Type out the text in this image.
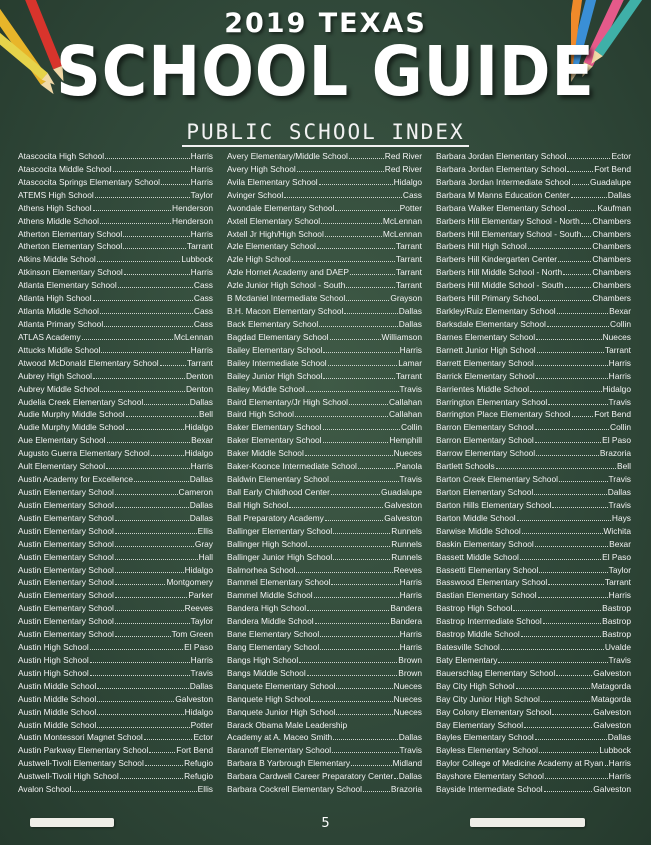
2019 TEXAS
SCHOOL GUIDE
PUBLIC SCHOOL INDEX
Atascocita High School	Harris
Atascocita Middle School	Harris
Atascocita Springs Elementary School	Harris
ATEMS High School	Taylor
Athens High School	Henderson
Athens Middle School	Henderson
Atherton Elementary School	Harris
Atherton Elementary School	Tarrant
Atkins Middle School	Lubbock
Atkinson Elementary School	Harris
Atlanta Elementary School	Cass
Atlanta High School	Cass
Atlanta Middle School	Cass
Atlanta Primary School	Cass
ATLAS Academy	McLennan
Attucks Middle School	Harris
Atwood McDonald Elementary School	Tarrant
Aubrey High School	Denton
Aubrey Middle School	Denton
Audelia Creek Elementary School	Dallas
Audie Murphy Middle School	Bell
Audie Murphy Middle School	Hidalgo
Aue Elementary School	Bexar
Augusto Guerra Elementary School	Hidalgo
Ault Elementary School	Harris
Austin Academy for Excellence	Dallas
Austin Elementary School	Cameron
Austin Elementary School	Dallas
Austin Elementary School	Dallas
Austin Elementary School	Ellis
Austin Elementary School	Gray
Austin Elementary School	Hall
Austin Elementary School	Hidalgo
Austin Elementary School	Montgomery
Austin Elementary School	Parker
Austin Elementary School	Reeves
Austin Elementary School	Taylor
Austin Elementary School	Tom Green
Austin High School	El Paso
Austin High School	Harris
Austin High School	Travis
Austin Middle School	Dallas
Austin Middle School	Galveston
Austin Middle School	Hidalgo
Austin Middle School	Potter
Austin Montessori Magnet School	Ector
Austin Parkway Elementary School	Fort Bend
Austwell-Tivoli Elementary School	Refugio
Austwell-Tivoli High School	Refugio
Avalon School	Ellis
Avery Elementary/Middle School	Red River
Avery High School	Red River
Avila Elementary School	Hidalgo
Avinger School	Cass
Avondale Elementary School	Potter
Axtell Elementary School	McLennan
Axtell Jr High/High School	McLennan
Azle Elementary School	Tarrant
Azle High School	Tarrant
Azle Hornet Academy and DAEP	Tarrant
Azle Junior High School - South	Tarrant
B Mcdaniel Intermediate School	Grayson
B.H. Macon Elementary School	Dallas
Back Elementary School	Dallas
Bagdad Elementary School	Williamson
Bailey Elementary School	Harris
Bailey Intermediate School	Lamar
Bailey Junior High School	Tarrant
Bailey Middle School	Travis
Baird Elementary/Jr High School	Callahan
Baird High School	Callahan
Baker Elementary School	Collin
Baker Elementary School	Hemphill
Baker Middle School	Nueces
Baker-Koonce Intermediate School	Panola
Baldwin Elementary School	Travis
Ball Early Childhood Center	Guadalupe
Ball High School	Galveston
Ball Preparatory Academy	Galveston
Ballinger Elementary School	Runnels
Ballinger High School	Runnels
Ballinger Junior High School	Runnels
Balmorhea School	Reeves
Bammel Elementary School	Harris
Bammel Middle School	Harris
Bandera High School	Bandera
Bandera Middle School	Bandera
Bane Elementary School	Harris
Bang Elementary School	Harris
Bangs High School	Brown
Bangs Middle School	Brown
Banquete Elementary School	Nueces
Banquete High School	Nueces
Banquete Junior High School	Nueces
Barack Obama Male Leadership
Academy at A. Maceo Smith	Dallas
Baranoff Elementary School	Travis
Barbara B Yarbrough Elementary	Midland
Barbara Cardwell Career Preparatory Center Dallas
Barbara Cockrell Elementary School	Brazoria
Barbara Jordan Elementary School	Ector
Barbara Jordan Elementary School	Fort Bend
Barbara Jordan Intermediate School Guadalupe
Barbara M Manns Education Center	Dallas
Barbara Walker Elementary School	Kaufman
Barbers Hill Elementary School - North Chambers
Barbers Hill Elementary School - South Chambers
Barbers Hill High School	Chambers
Barbers Hill Kindergarten Center	Chambers
Barbers Hill Middle School - North	Chambers
Barbers Hill Middle School - South	Chambers
Barbers Hill Primary School	Chambers
Barkley/Ruiz Elementary School	Bexar
Barksdale Elementary School	Collin
Barnes Elementary School	Nueces
Barnett Junior High School	Tarrant
Barrett Elementary School	Harris
Barrick Elementary School	Harris
Barrientes Middle School	Hidalgo
Barrington Elementary School	Travis
Barrington Place Elementary School	Fort Bend
Barron Elementary School	Collin
Barron Elementary School	El Paso
Barrow Elementary School	Brazoria
Bartlett Schools	Bell
Barton Creek Elementary School	Travis
Barton Elementary School	Dallas
Barton Hills Elementary School	Travis
Barton Middle School	Hays
Barwise Middle School	Wichita
Baskin Elementary School	Bexar
Bassett Middle School	El Paso
Bassetti Elementary School	Taylor
Basswood Elementary School	Tarrant
Bastian Elementary School	Harris
Bastrop High School	Bastrop
Bastrop Intermediate School	Bastrop
Bastrop Middle School	Bastrop
Batesville School	Uvalde
Baty Elementary	Travis
Bauerschlag Elementary School	Galveston
Bay City High School	Matagorda
Bay City Junior High School	Matagorda
Bay Colony Elementary School	Galveston
Bay Elementary School	Galveston
Bayles Elementary School	Dallas
Bayless Elementary School	Lubbock
Baylor College of Medicine Academy at Ryan Harris
Bayshore Elementary School	Harris
Bayside Intermediate School	Galveston
5
